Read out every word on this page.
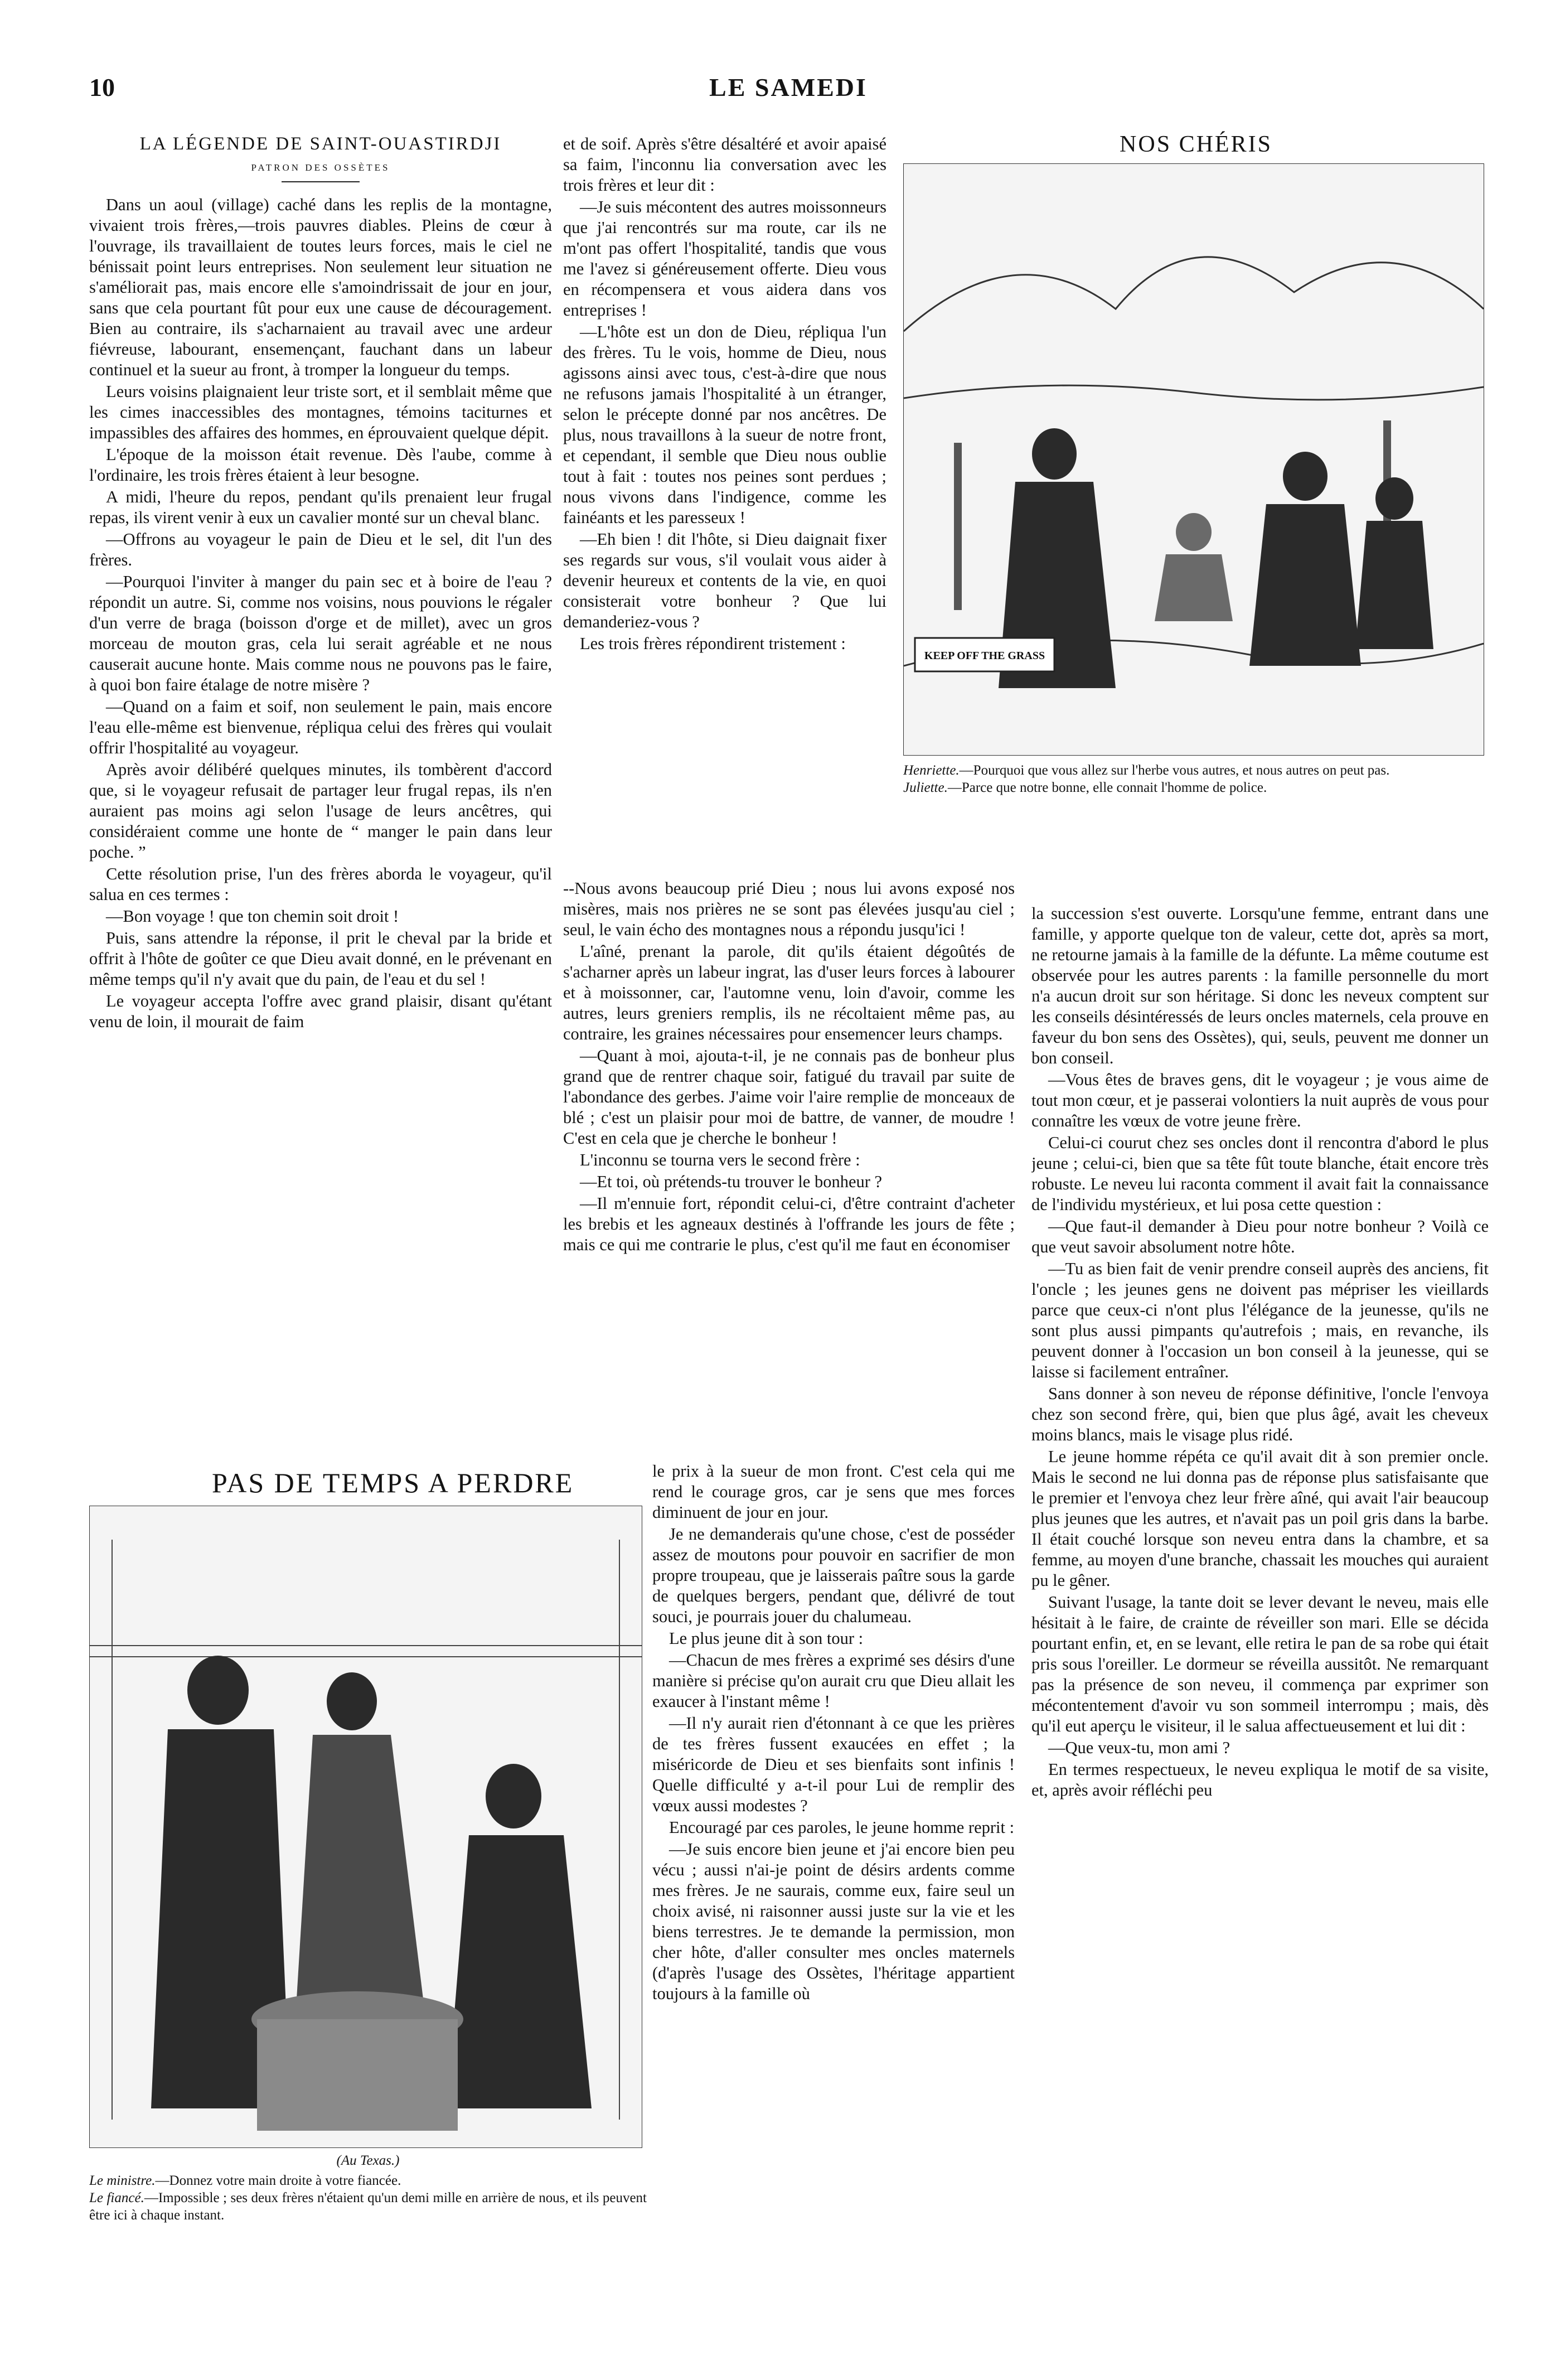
10	LE SAMEDI
LA LÉGENDE DE SAINT-OUASTIRDJI
PATRON DES OSSÈTES

Dans un aoul (village) caché dans les replis de la montagne, vivaient trois frères,—trois pauvres diables. Pleins de cœur à l'ouvrage, ils travaillaient de toutes leurs forces, mais le ciel ne bénissait point leurs entreprises. Non seulement leur situation ne s'améliorait pas, mais encore elle s'amoindrissait de jour en jour, sans que cela pourtant fût pour eux une cause de découragement. Bien au contraire, ils s'acharnaient au travail avec une ardeur fiévreuse, labourant, ensemençant, fauchant dans un labeur continuel et la sueur au front, à tromper la longueur du temps.

Leurs voisins plaignaient leur triste sort, et il semblait même que les cimes inaccessibles des montagnes, témoins taciturnes et impassibles des affaires des hommes, en éprouvaient quelque dépit.

L'époque de la moisson était revenue. Dès l'aube, comme à l'ordinaire, les trois frères étaient à leur besogne.

A midi, l'heure du repos, pendant qu'ils prenaient leur frugal repas, ils virent venir à eux un cavalier monté sur un cheval blanc.

—Offrons au voyageur le pain de Dieu et le sel, dit l'un des frères.

—Pourquoi l'inviter à manger du pain sec et à boire de l'eau ? répondit un autre. Si, comme nos voisins, nous pouvions le régaler d'un verre de braga (boisson d'orge et de millet), avec un gros morceau de mouton gras, cela lui serait agréable et ne nous causerait aucune honte. Mais comme nous ne pouvons pas le faire, à quoi bon faire étalage de notre misère ?

—Quand on a faim et soif, non seulement le pain, mais encore l'eau elle-même est bienvenue, répliqua celui des frères qui voulait offrir l'hospitalité au voyageur.

Après avoir délibéré quelques minutes, ils tombèrent d'accord que, si le voyageur refusait de partager leur frugal repas, ils n'en auraient pas moins agi selon l'usage de leurs ancêtres, qui considéraient comme une honte de “ manger le pain dans leur poche. ”

Cette résolution prise, l'un des frères aborda le voyageur, qu'il salua en ces termes :

—Bon voyage ! que ton chemin soit droit !

Puis, sans attendre la réponse, il prit le cheval par la bride et offrit à l'hôte de goûter ce que Dieu avait donné, en le prévenant en même temps qu'il n'y avait que du pain, de l'eau et du sel !

Le voyageur accepta l'offre avec grand plaisir, disant qu'étant venu de loin, il mourait de faim

et de soif. Après s'être désaltéré et avoir apaisé sa faim, l'inconnu lia conversation avec les trois frères et leur dit :

—Je suis mécontent des autres moissonneurs que j'ai rencontrés sur ma route, car ils ne m'ont pas offert l'hospitalité, tandis que vous me l'avez si généreusement offerte. Dieu vous en récompensera et vous aidera dans vos entreprises !

—L'hôte est un don de Dieu, répliqua l'un des frères. Tu le vois, homme de Dieu, nous agissons ainsi avec tous, c'est-à-dire que nous ne refusons jamais l'hospitalité à un étranger, selon le précepte donné par nos ancêtres. De plus, nous travaillons à la sueur de notre front, et cependant, il semble que Dieu nous oublie tout à fait : toutes nos peines sont perdues ; nous vivons dans l'indigence, comme les fainéants et les paresseux !

—Eh bien ! dit l'hôte, si Dieu daignait fixer ses regards sur vous, s'il voulait vous aider à devenir heureux et contents de la vie, en quoi consisterait votre bonheur ? Que lui demanderiez-vous ?

Les trois frères répondirent tristement :

--Nous avons beaucoup prié Dieu ; nous lui avons exposé nos misères, mais nos prières ne se sont pas élevées jusqu'au ciel ; seul, le vain écho des montagnes nous a répondu jusqu'ici !

L'aîné, prenant la parole, dit qu'ils étaient dégoûtés de s'acharner après un labeur ingrat, las d'user leurs forces à labourer et à moissonner, car, l'automne venu, loin d'avoir, comme les autres, leurs greniers remplis, ils ne récoltaient même pas, au contraire, les graines nécessaires pour ensemencer leurs champs.

—Quant à moi, ajouta-t-il, je ne connais pas de bonheur plus grand que de rentrer chaque soir, fatigué du travail par suite de l'abondance des gerbes. J'aime voir l'aire remplie de monceaux de blé ; c'est un plaisir pour moi de battre, de vanner, de moudre ! C'est en cela que je cherche le bonheur !

L'inconnu se tourna vers le second frère :

—Et toi, où prétends-tu trouver le bonheur ?

—Il m'ennuie fort, répondit celui-ci, d'être contraint d'acheter les brebis et les agneaux destinés à l'offrande les jours de fête ; mais ce qui me contrarie le plus, c'est qu'il me faut en économiser

le prix à la sueur de mon front. C'est cela qui me rend le courage gros, car je sens que mes forces diminuent de jour en jour.

Je ne demanderais qu'une chose, c'est de posséder assez de moutons pour pouvoir en sacrifier de mon propre troupeau, que je laisserais paître sous la garde de quelques bergers, pendant que, délivré de tout souci, je pourrais jouer du chalumeau.

Le plus jeune dit à son tour :

—Chacun de mes frères a exprimé ses désirs d'une manière si précise qu'on aurait cru que Dieu allait les exaucer à l'instant même !

—Il n'y aurait rien d'étonnant à ce que les prières de tes frères fussent exaucées en effet ; la miséricorde de Dieu et ses bienfaits sont infinis ! Quelle difficulté y a-t-il pour Lui de remplir des vœux aussi modestes ?

Encouragé par ces paroles, le jeune homme reprit :

—Je suis encore bien jeune et j'ai encore bien peu vécu ; aussi n'ai-je point de désirs ardents comme mes frères. Je ne saurais, comme eux, faire seul un choix avisé, ni raisonner aussi juste sur la vie et les biens terrestres. Je te demande la permission, mon cher hôte, d'aller consulter mes oncles maternels (d'après l'usage des Ossètes, l'héritage appartient toujours à la famille où

la succession s'est ouverte. Lorsqu'une femme, entrant dans une famille, y apporte quelque ton de valeur, cette dot, après sa mort, ne retourne jamais à la famille de la défunte. La même coutume est observée pour les autres parents : la famille personnelle du mort n'a aucun droit sur son héritage. Si donc les neveux comptent sur les conseils désintéressés de leurs oncles maternels, cela prouve en faveur du bon sens des Ossètes), qui, seuls, peuvent me donner un bon conseil.

—Vous êtes de braves gens, dit le voyageur ; je vous aime de tout mon cœur, et je passerai volontiers la nuit auprès de vous pour connaître les vœux de votre jeune frère.

Celui-ci courut chez ses oncles dont il rencontra d'abord le plus jeune ; celui-ci, bien que sa tête fût toute blanche, était encore très robuste. Le neveu lui raconta comment il avait fait la connaissance de l'individu mystérieux, et lui posa cette question :

—Que faut-il demander à Dieu pour notre bonheur ? Voilà ce que veut savoir absolument notre hôte.

—Tu as bien fait de venir prendre conseil auprès des anciens, fit l'oncle ; les jeunes gens ne doivent pas mépriser les vieillards parce que ceux-ci n'ont plus l'élégance de la jeunesse, qu'ils ne sont plus aussi pimpants qu'autrefois ; mais, en revanche, ils peuvent donner à l'occasion un bon conseil à la jeunesse, qui se laisse si facilement entraîner.

Sans donner à son neveu de réponse définitive, l'oncle l'envoya chez son second frère, qui, bien que plus âgé, avait les cheveux moins blancs, mais le visage plus ridé.

Le jeune homme répéta ce qu'il avait dit à son premier oncle. Mais le second ne lui donna pas de réponse plus satisfaisante que le premier et l'envoya chez leur frère aîné, qui avait l'air beaucoup plus jeunes que les autres, et n'avait pas un poil gris dans la barbe. Il était couché lorsque son neveu entra dans la chambre, et sa femme, au moyen d'une branche, chassait les mouches qui auraient pu le gêner.

Suivant l'usage, la tante doit se lever devant le neveu, mais elle hésitait à le faire, de crainte de réveiller son mari. Elle se décida pourtant enfin, et, en se levant, elle retira le pan de sa robe qui était pris sous l'oreiller. Le dormeur se réveilla aussitôt. Ne remarquant pas la présence de son neveu, il commença par exprimer son mécontentement d'avoir vu son sommeil interrompu ; mais, dès qu'il eut aperçu le visiteur, il le salua affectueusement et lui dit :

—Que veux-tu, mon ami ?

En termes respectueux, le neveu expliqua le motif de sa visite, et, après avoir réfléchi peu

NOS CHÉRIS
KEEP OFF THE GRASS
Henriette.—Pourquoi que vous allez sur l'herbe vous autres, et nous autres on peut pas.
Juliette.—Parce que notre bonne, elle connait l'homme de police.
PAS DE TEMPS A PERDRE
(Au Texas.)
Le ministre.—Donnez votre main droite à votre fiancée.
Le fiancé.—Impossible ; ses deux frères n'étaient qu'un demi mille en arrière de nous, et ils peuvent être ici à chaque instant.
